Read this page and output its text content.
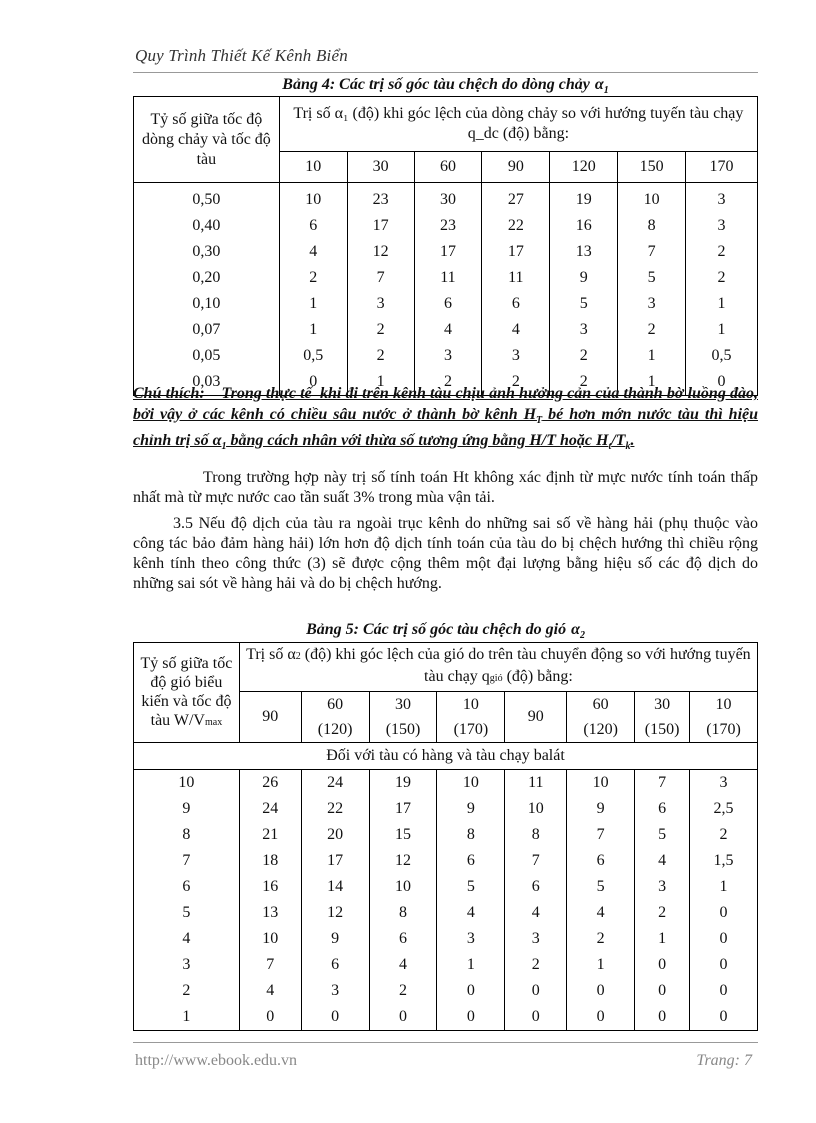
Quy Trình Thiết Kế Kênh Biển
Bảng 4: Các trị số góc tàu chệch do dòng chảy $\alpha_1$
Tỷ số giữa tốc độ dòng chảy và tốc độ tàu	Trị số α₁ (độ) khi góc lệch của dòng chảy so với hướng tuyến tàu chạy q_dc (độ) bằng:						
	10	30	60	90	120	150	170
0,50	10	23	30	27	19	10	3
0,40	6	17	23	22	16	8	3
0,30	4	12	17	17	13	7	2
0,20	2	7	11	11	9	5	2
0,10	1	3	6	6	5	3	1
0,07	1	2	4	4	3	2	1
0,05	0,5	2	3	3	2	1	0,5
0,03	0	1	2	2	2	1	0
Chú thích:    Trong thực tế  khi đi trên kênh tàu chịu ảnh hưởng cản của thành bờ luồng đào, bởi vậy ở các kênh có chiều sâu nước ở thành bờ kênh $H_T$ bé hơn mớn nước tàu thì hiệu chỉnh trị số $\alpha_1$ bằng cách nhân với thừa số tương ứng bằng H/T hoặc $H_t/T_k$.
Trong trường hợp này trị số tính toán Ht không xác định từ mực nước tính toán thấp nhất mà từ mực nước cao tần suất 3% trong mùa vận tải.
3.5 Nếu độ dịch của tàu ra ngoài trục kênh do những sai số về hàng hải (phụ thuộc vào công tác bảo đảm hàng hải) lớn hơn độ dịch tính toán của tàu do bị chệch hướng thì chiều rộng kênh tính theo công thức (3) sẽ được cộng thêm một đại lượng bằng hiệu số các độ dịch do những sai sót về hàng hải và do bị chệch hướng.
Bảng 5: Các trị số góc tàu chệch do gió $\alpha_2$
Tỷ số giữa tốc độ gió biểu kiến và tốc độ tàu W/Vmax	Trị số α2 (độ) khi góc lệch của gió do trên tàu chuyển động so với hướng tuyến tàu chạy qgió (độ) bằng:							
	90	60	30	10	90	60	30	10
		(120)	(150)	(170)		(120)	(150)	(170)
Đối với tàu có hàng và tàu chạy balát								
10	26	24	19	10	11	10	7	3
9	24	22	17	9	10	9	6	2,5
8	21	20	15	8	8	7	5	2
7	18	17	12	6	7	6	4	1,5
6	16	14	10	5	6	5	3	1
5	13	12	8	4	4	4	2	0
4	10	9	6	3	3	2	1	0
3	7	6	4	1	2	1	0	0
2	4	3	2	0	0	0	0	0
1	0	0	0	0	0	0	0	0
http://www.ebook.edu.vn	Trang: 7
